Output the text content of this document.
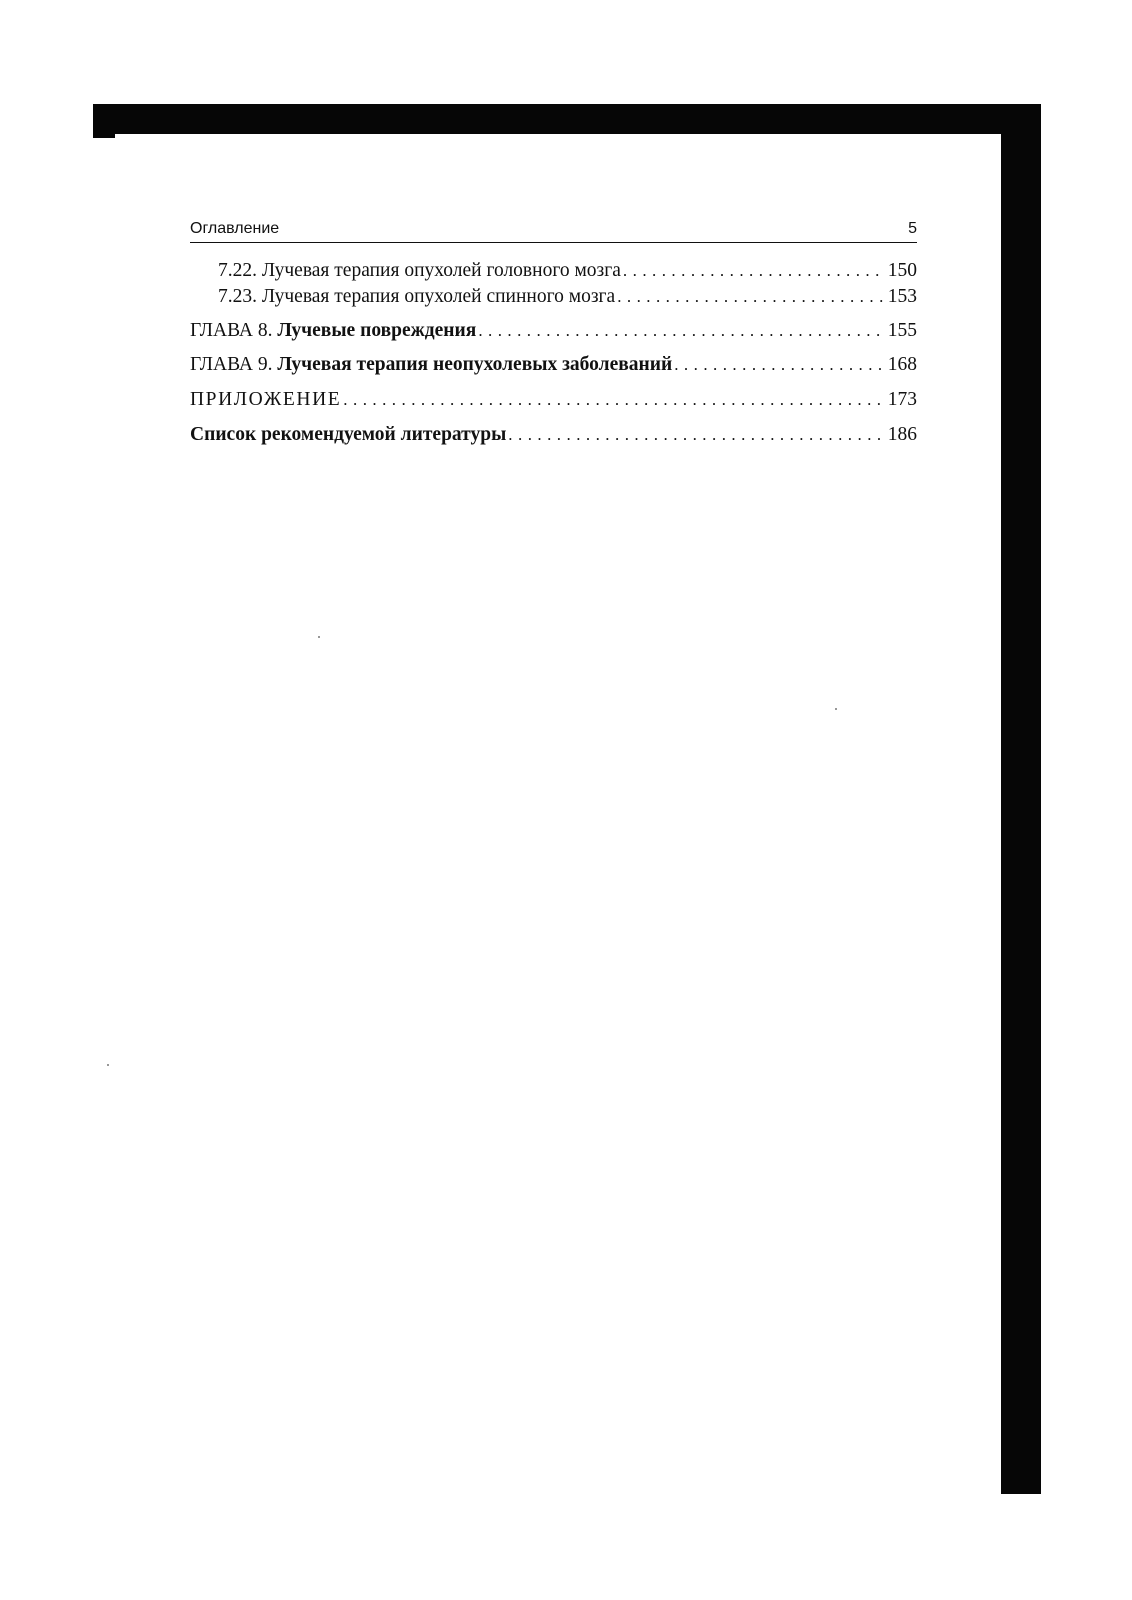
Оглавление	5
7.22. Лучевая терапия опухолей головного мозга . . .	150
7.23. Лучевая терапия опухолей спинного мозга . . .	153
ГЛАВА 8. Лучевые повреждения . . .	155
ГЛАВА 9. Лучевая терапия неопухолевых заболеваний . . .	168
ПРИЛОЖЕНИЕ . . .	173
Список рекомендуемой литературы . . .	186
